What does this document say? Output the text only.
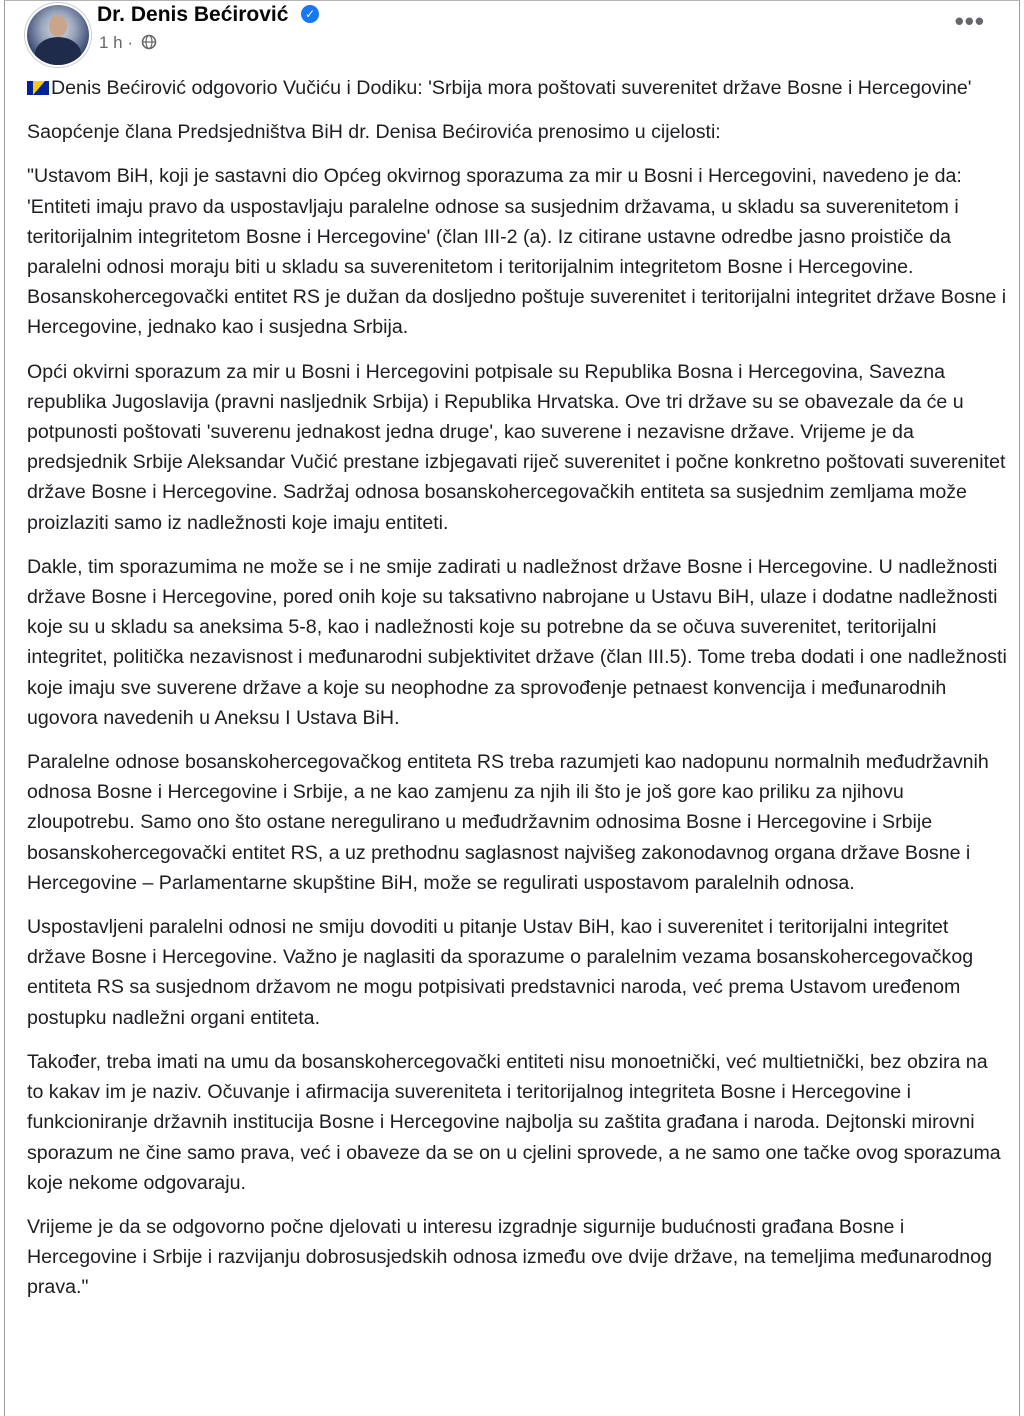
Dr. Denis Bećirović	✓
1 h ·
•••

Denis Bećirović odgovorio Vučiću i Dodiku: 'Srbija mora poštovati suverenitet države Bosne i Hercegovine'

Saopćenje člana Predsjedništva BiH dr. Denisa Bećirovića prenosimo u cijelosti:

"Ustavom BiH, koji je sastavni dio Općeg okvirnog sporazuma za mir u Bosni i Hercegovini, navedeno je da: 'Entiteti imaju pravo da uspostavljaju paralelne odnose sa susjednim državama, u skladu sa suverenitetom i teritorijalnim integritetom Bosne i Hercegovine' (član III-2 (a). Iz citirane ustavne odredbe jasno proističe da paralelni odnosi moraju biti u skladu sa suverenitetom i teritorijalnim integritetom Bosne i Hercegovine. Bosanskohercegovački entitet RS je dužan da dosljedno poštuje suverenitet i teritorijalni integritet države Bosne i Hercegovine, jednako kao i susjedna Srbija.

Opći okvirni sporazum za mir u Bosni i Hercegovini potpisale su Republika Bosna i Hercegovina, Savezna republika Jugoslavija (pravni nasljednik Srbija) i Republika Hrvatska. Ove tri države su se obavezale da će u potpunosti poštovati 'suverenu jednakost jedna druge', kao suverene i nezavisne države. Vrijeme je da predsjednik Srbije Aleksandar Vučić prestane izbjegavati riječ suverenitet i počne konkretno poštovati suverenitet države Bosne i Hercegovine. Sadržaj odnosa bosanskohercegovačkih entiteta sa susjednim zemljama može proizlaziti samo iz nadležnosti koje imaju entiteti.

Dakle, tim sporazumima ne može se i ne smije zadirati u nadležnost države Bosne i Hercegovine. U nadležnosti države Bosne i Hercegovine, pored onih koje su taksativno nabrojane u Ustavu BiH, ulaze i dodatne nadležnosti koje su u skladu sa aneksima 5-8, kao i nadležnosti koje su potrebne da se očuva suverenitet, teritorijalni integritet, politička nezavisnost i međunarodni subjektivitet države (član III.5). Tome treba dodati i one nadležnosti koje imaju sve suverene države a koje su neophodne za sprovođenje petnaest konvencija i međunarodnih ugovora navedenih u Aneksu I Ustava BiH.

Paralelne odnose bosanskohercegovačkog entiteta RS treba razumjeti kao nadopunu normalnih međudržavnih odnosa Bosne i Hercegovine i Srbije, a ne kao zamjenu za njih ili što je još gore kao priliku za njihovu zloupotrebu. Samo ono što ostane neregulirano u međudržavnim odnosima Bosne i Hercegovine i Srbije bosanskohercegovački entitet RS, a uz prethodnu saglasnost najvišeg zakonodavnog organa države Bosne i Hercegovine – Parlamentarne skupštine BiH, može se regulirati uspostavom paralelnih odnosa.

Uspostavljeni paralelni odnosi ne smiju dovoditi u pitanje Ustav BiH, kao i suverenitet i teritorijalni integritet države Bosne i Hercegovine. Važno je naglasiti da sporazume o paralelnim vezama bosanskohercegovačkog entiteta RS sa susjednom državom ne mogu potpisivati predstavnici naroda, već prema Ustavom uređenom postupku nadležni organi entiteta.

Također, treba imati na umu da bosanskohercegovački entiteti nisu monoetnički, već multietnički, bez obzira na to kakav im je naziv. Očuvanje i afirmacija suvereniteta i teritorijalnog integriteta Bosne i Hercegovine i funkcioniranje državnih institucija Bosne i Hercegovine najbolja su zaštita građana i naroda. Dejtonski mirovni sporazum ne čine samo prava, već i obaveze da se on u cjelini sprovede, a ne samo one tačke ovog sporazuma koje nekome odgovaraju.

Vrijeme je da se odgovorno počne djelovati u interesu izgradnje sigurnije budućnosti građana Bosne i Hercegovine i Srbije i razvijanju dobrosusjedskih odnosa između ove dvije države, na temeljima međunarodnog prava."
